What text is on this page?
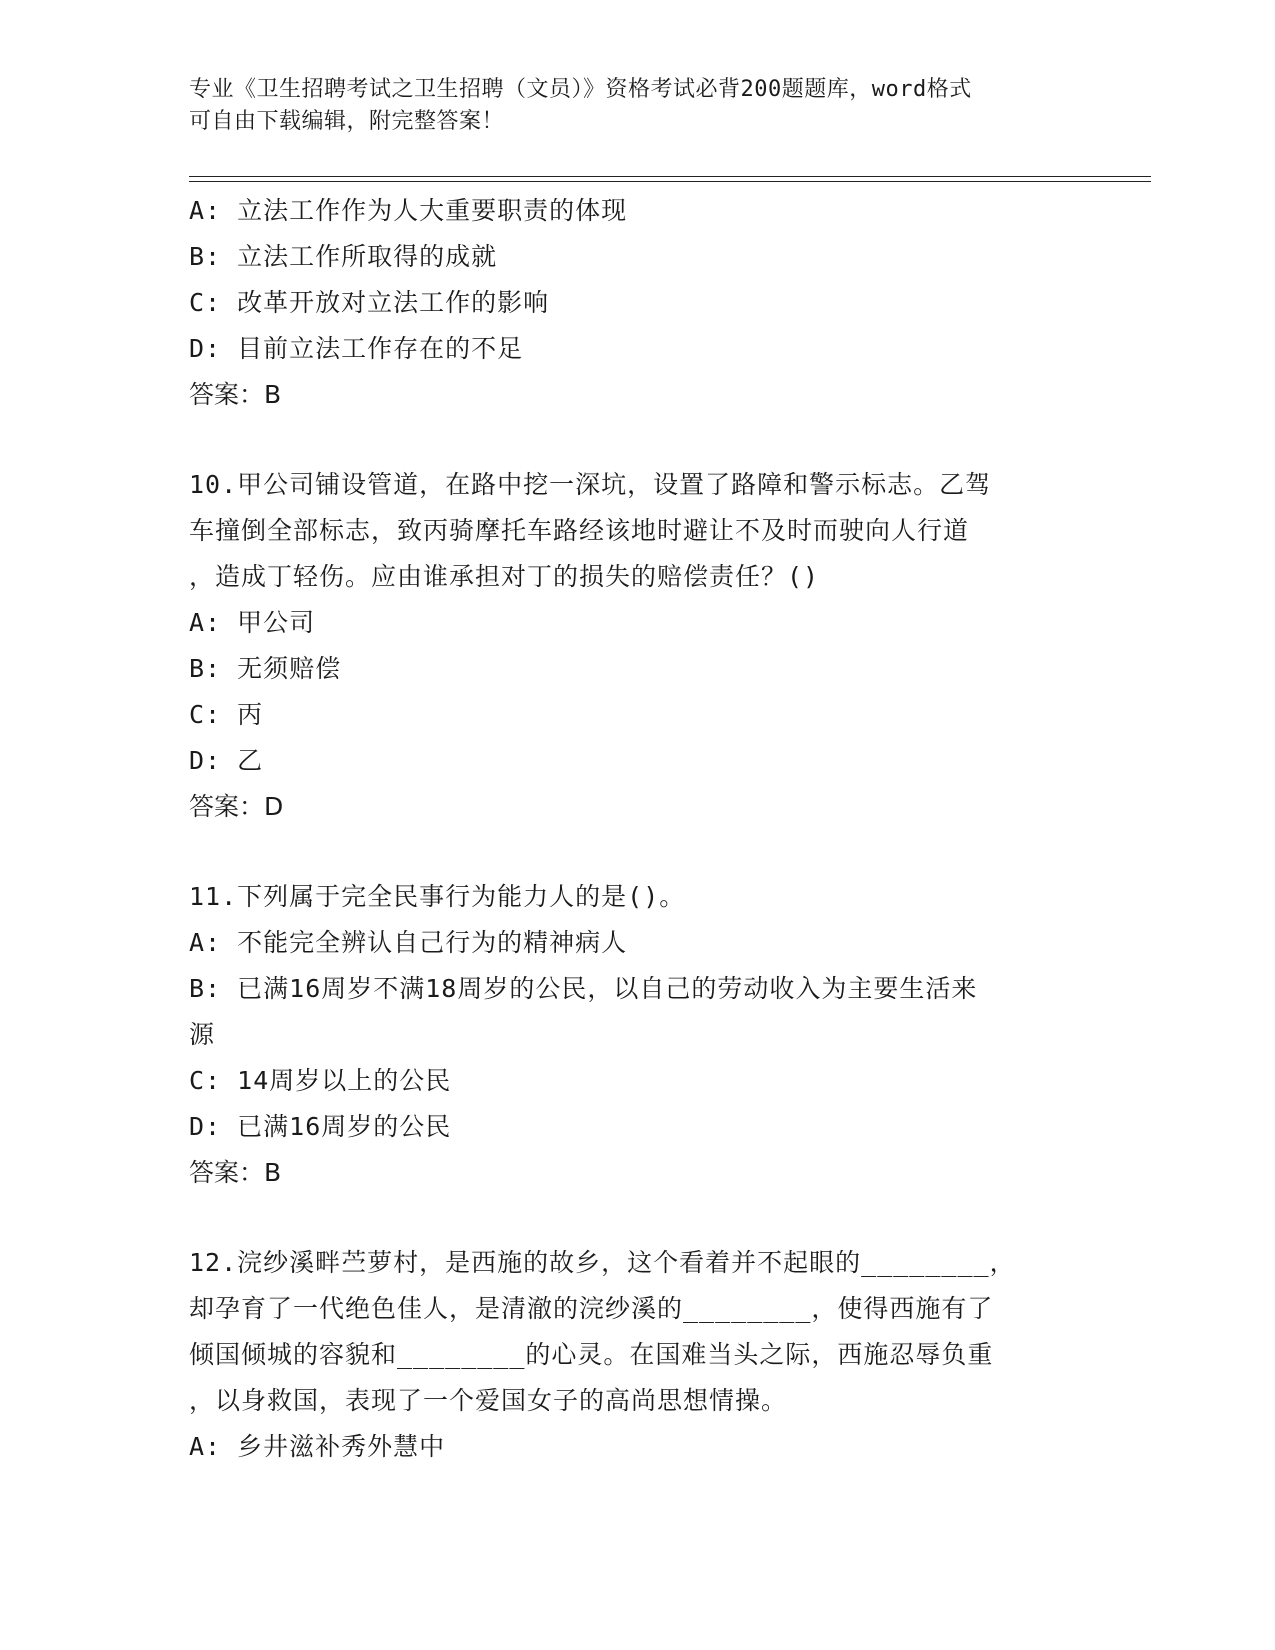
专业《卫生招聘考试之卫生招聘（文员）》资格考试必背200题题库，word格式
可自由下载编辑，附完整答案！
A: 立法工作作为人大重要职责的体现
B: 立法工作所取得的成就
C: 改革开放对立法工作的影响
D: 目前立法工作存在的不足
答案：B
10.甲公司铺设管道，在路中挖一深坑，设置了路障和警示标志。乙驾
车撞倒全部标志，致丙骑摩托车路经该地时避让不及时而驶向人行道
，造成丁轻伤。应由谁承担对丁的损失的赔偿责任？()
A: 甲公司
B: 无须赔偿
C: 丙
D: 乙
答案：D
11.下列属于完全民事行为能力人的是()。
A: 不能完全辨认自己行为的精神病人
B: 已满16周岁不满18周岁的公民，以自己的劳动收入为主要生活来
源
C: 14周岁以上的公民
D: 已满16周岁的公民
答案：B
12.浣纱溪畔苎萝村，是西施的故乡，这个看着并不起眼的________，
却孕育了一代绝色佳人，是清澈的浣纱溪的________，使得西施有了
倾国倾城的容貌和________的心灵。在国难当头之际，西施忍辱负重
，以身救国，表现了一个爱国女子的高尚思想情操。
A: 乡井滋补秀外慧中
